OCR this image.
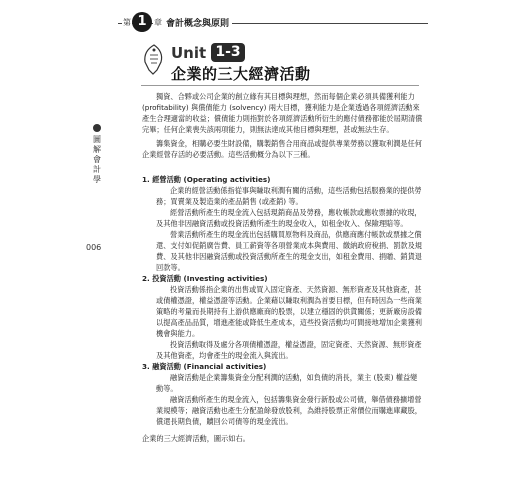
第 1 章 會計概念與原則
Unit 1-3
企業的三大經濟活動
圖
解
會
計
學
006

獨資、合夥或公司企業的創立緣有其目標與理想，然而每個企業必須具備獲利能力 (profitability) 與償債能力 (solvency) 兩大目標，獲利能力是企業透過各項經濟活動來產生合理適當的收益；償債能力則指對於各項經濟活動所衍生的應付債務都能於屆期清償完畢；任何企業喪失該兩項能力，則無法達成其他目標與理想，甚或無法生存。

籌集資金，相購必要生財設備，購製銷售合用商品或提供專業勞務以獲取利潤是任何企業經營存活的必要活動。這些活動概分為以下三種。

1. 經營活動 (Operating activities)

企業的經營活動係指從事與賺取利潤有關的活動，這些活動包括服務業的提供勞務；買賣業及製造業的產品銷售 (或產銷) 等。

經營活動所產生的現金流入包括現銷商品及勞務，應收帳款或應收票據的收現，及其他非因融資活動或投資活動所產生的現金收入，如租金收入、保險理賠等。

營業活動所產生的現金流出包括購買原物料及商品，供應商應付帳款或票據之償還、支付如促銷廣告費、員工薪資等各項營業成本與費用、繳納政府稅捐、罰款及規費、及其他非因融資活動或投資活動所產生的現金支出，如租金費用、捐贈、銷貨退回款等。

2. 投資活動 (Investing activities)

投資活動係指企業的出售或買入固定資產、天然資源、無形資產及其他資產，甚或債權憑證，權益憑證等活動。企業藉以賺取利潤為首要目標，但有時因為一些商業策略的考量而長期持有上游供應廠商的股票，以建立穩固的供貨關係；更新廠房設備以提高產品品質，增進產能或降低生產成本，這些投資活動均可間接地增加企業獲利機會與能力。

投資活動取得及處分各項債權憑證，權益憑證，固定資產、天然資源、無形資產及其他資產，均會產生的現金流入與流出。

3. 融資活動 (Financial activities)

融資活動是企業籌集資金分配利潤的活動，如負債的消長，業主 (股東) 權益變動等。

融資活動所產生的現金流入，包括籌集資金發行新股或公司債，舉借債務擴增營業規模等；融資活動也產生分配盈餘發放股利，為維持股票正常價位而購進庫藏股，償還長期負債，贖回公司債等的現金流出。

企業的三大經濟活動，圖示如右。
